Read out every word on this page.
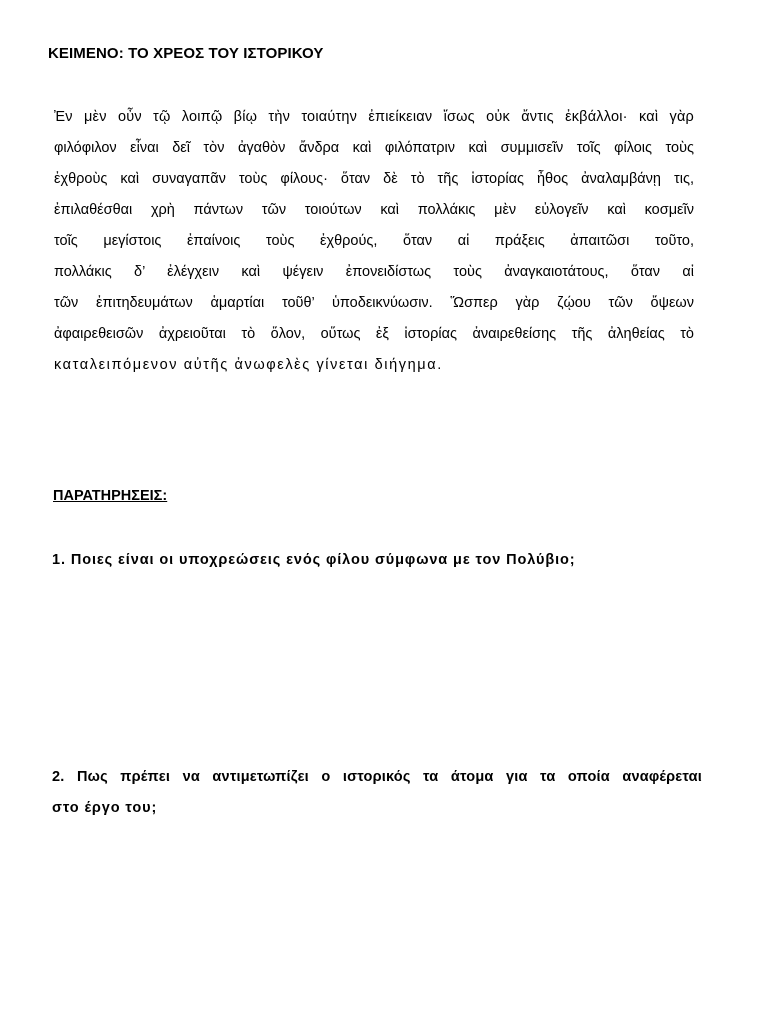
ΚΕΙΜΕΝΟ: ΤΟ ΧΡΕΟΣ ΤΟΥ ΙΣΤΟΡΙΚΟΥ
Ἐν μὲν οὖν τῷ λοιπῷ βίῳ τὴν τοιαύτην ἐπιείκειαν ἴσως οὐκ ἄντις ἐκβάλλοι· καὶ γὰρ
φιλόφιλον εἶναι δεῖ τὸν ἀγαθὸν ἄνδρα καὶ φιλόπατριν καὶ συμμισεῖν τοῖς φίλοις τοὺς
ἐχθροὺς καὶ συναγαπᾶν τοὺς φίλους· ὅταν δὲ τὸ τῆς ἱστορίας ἦθος ἀναλαμβάνῃ τις,
ἐπιλαθέσθαι χρὴ πάντων τῶν τοιούτων καὶ πολλάκις μὲν εὐλογεῖν καὶ κοσμεῖν
τοῖς μεγίστοις ἐπαίνοις τοὺς ἐχθρούς, ὅταν αἱ πράξεις ἀπαιτῶσι τοῦτο,
πολλάκις δ’ ἐλέγχειν καὶ ψέγειν ἐπονειδίστως τοὺς ἀναγκαιοτάτους, ὅταν αἱ
τῶν ἐπιτηδευμάτων ἁμαρτίαι τοῦθ’ ὑποδεικνύωσιν. Ὥσπερ γὰρ ζῴου τῶν ὄψεων
ἀφαιρεθεισῶν ἀχρειοῦται τὸ ὅλον, οὕτως ἐξ ἱστορίας ἀναιρεθείσης τῆς ἀληθείας τὸ
καταλειπόμενον αὐτῆς ἀνωφελὲς γίνεται διήγημα.
ΠΑΡΑΤΗΡΗΣΕΙΣ:
1. Ποιες είναι οι υποχρεώσεις ενός φίλου σύμφωνα με τον Πολύβιο;
2. Πως πρέπει να αντιμετωπίζει ο ιστορικός τα άτομα για τα οποία αναφέρεται
στο έργο του;
